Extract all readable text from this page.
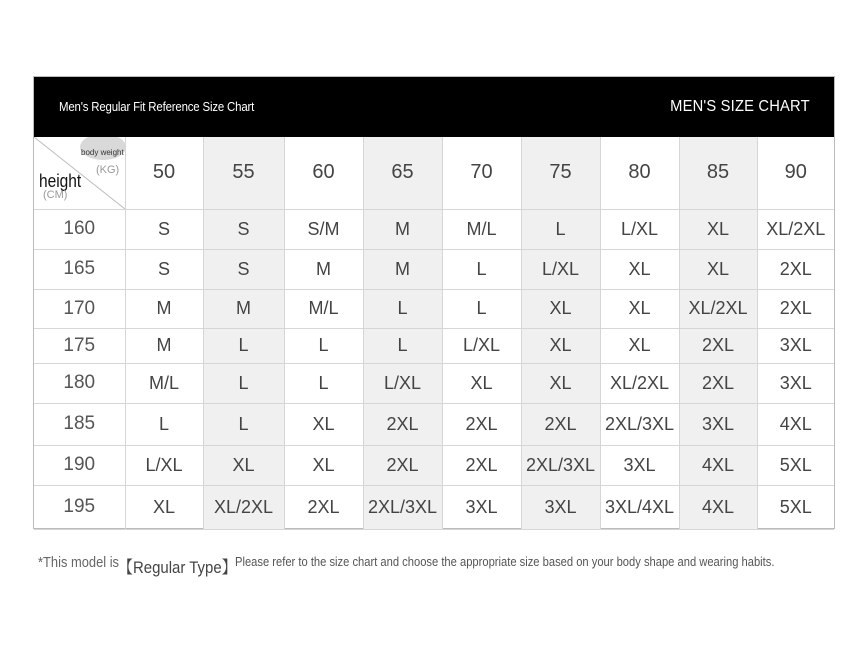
Men's Regular Fit Reference Size Chart	MEN'S SIZE CHART
body weight
(KG)
height
(CM)	50	55	60	65	70	75	80	85	90
160	S	S	S/M	M	M/L	L	L/XL	XL	XL/2XL
165	S	S	M	M	L	L/XL	XL	XL	2XL
170	M	M	M/L	L	L	XL	XL	XL/2XL	2XL
175	M	L	L	L	L/XL	XL	XL	2XL	3XL
180	M/L	L	L	L/XL	XL	XL	XL/2XL	2XL	3XL
185	L	L	XL	2XL	2XL	2XL	2XL/3XL	3XL	4XL
190	L/XL	XL	XL	2XL	2XL	2XL/3XL	3XL	4XL	5XL
195	XL	XL/2XL	2XL	2XL/3XL	3XL	3XL	3XL/4XL	4XL	5XL
*This model is
【Regular Type】
Please refer to the size chart and choose the appropriate size based on your body shape and wearing habits.
